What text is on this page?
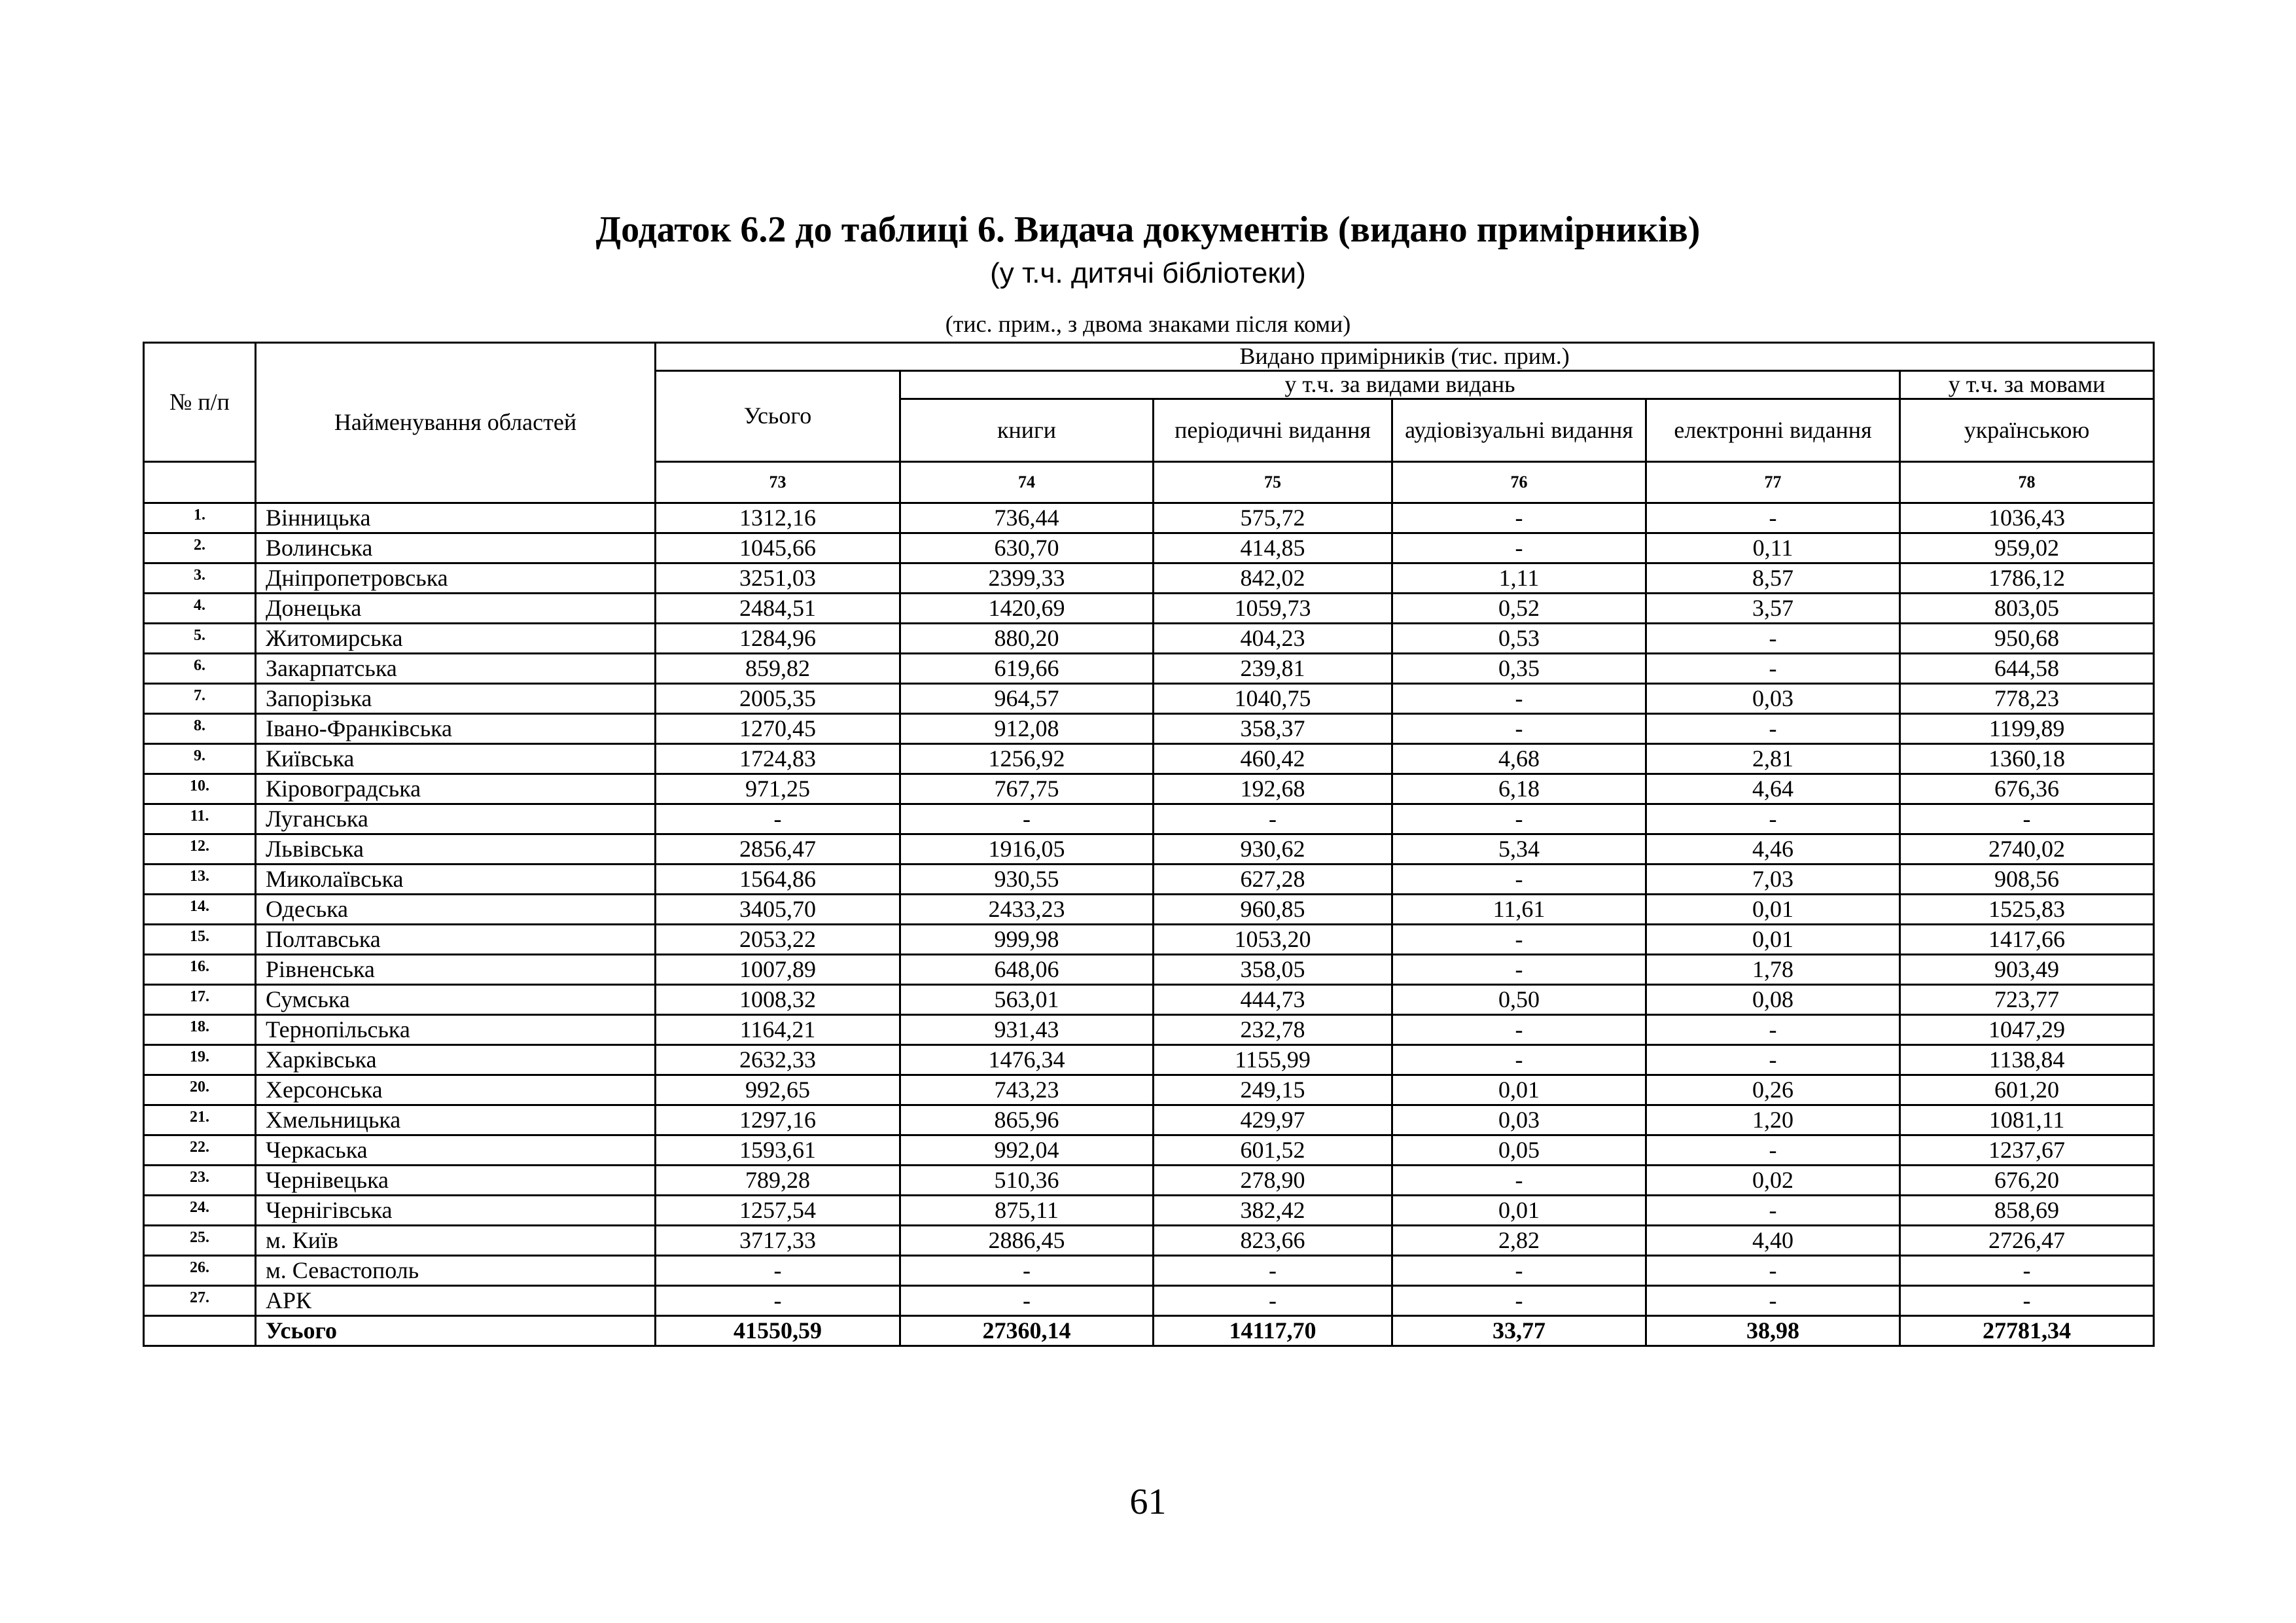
Додаток 6.2 до таблиці 6. Видача документів (видано примірників)
(у т.ч. дитячі бібліотеки)
(тис. прим., з двома знаками після коми)
№ п/п	Найменування областей	Видано примірників (тис. прим.)					
		Усього	у т.ч. за видами видань				у т.ч. за мовами
			книги	періодичні видання	аудіовізуальні видання	електронні видання	українською
		73	74	75	76	77	78
1.	Вінницька	1312,16	736,44	575,72	-	-	1036,43
2.	Волинська	1045,66	630,70	414,85	-	0,11	959,02
3.	Дніпропетровська	3251,03	2399,33	842,02	1,11	8,57	1786,12
4.	Донецька	2484,51	1420,69	1059,73	0,52	3,57	803,05
5.	Житомирська	1284,96	880,20	404,23	0,53	-	950,68
6.	Закарпатська	859,82	619,66	239,81	0,35	-	644,58
7.	Запорізька	2005,35	964,57	1040,75	-	0,03	778,23
8.	Івано-Франківська	1270,45	912,08	358,37	-	-	1199,89
9.	Київська	1724,83	1256,92	460,42	4,68	2,81	1360,18
10.	Кіровоградська	971,25	767,75	192,68	6,18	4,64	676,36
11.	Луганська	-	-	-	-	-	-
12.	Львівська	2856,47	1916,05	930,62	5,34	4,46	2740,02
13.	Миколаївська	1564,86	930,55	627,28	-	7,03	908,56
14.	Одеська	3405,70	2433,23	960,85	11,61	0,01	1525,83
15.	Полтавська	2053,22	999,98	1053,20	-	0,01	1417,66
16.	Рівненська	1007,89	648,06	358,05	-	1,78	903,49
17.	Сумська	1008,32	563,01	444,73	0,50	0,08	723,77
18.	Тернопільська	1164,21	931,43	232,78	-	-	1047,29
19.	Харківська	2632,33	1476,34	1155,99	-	-	1138,84
20.	Херсонська	992,65	743,23	249,15	0,01	0,26	601,20
21.	Хмельницька	1297,16	865,96	429,97	0,03	1,20	1081,11
22.	Черкаська	1593,61	992,04	601,52	0,05	-	1237,67
23.	Чернівецька	789,28	510,36	278,90	-	0,02	676,20
24.	Чернігівська	1257,54	875,11	382,42	0,01	-	858,69
25.	м. Київ	3717,33	2886,45	823,66	2,82	4,40	2726,47
26.	м. Севастополь	-	-	-	-	-	-
27.	АРК	-	-	-	-	-	-
	Усього	41550,59	27360,14	14117,70	33,77	38,98	27781,34
61
